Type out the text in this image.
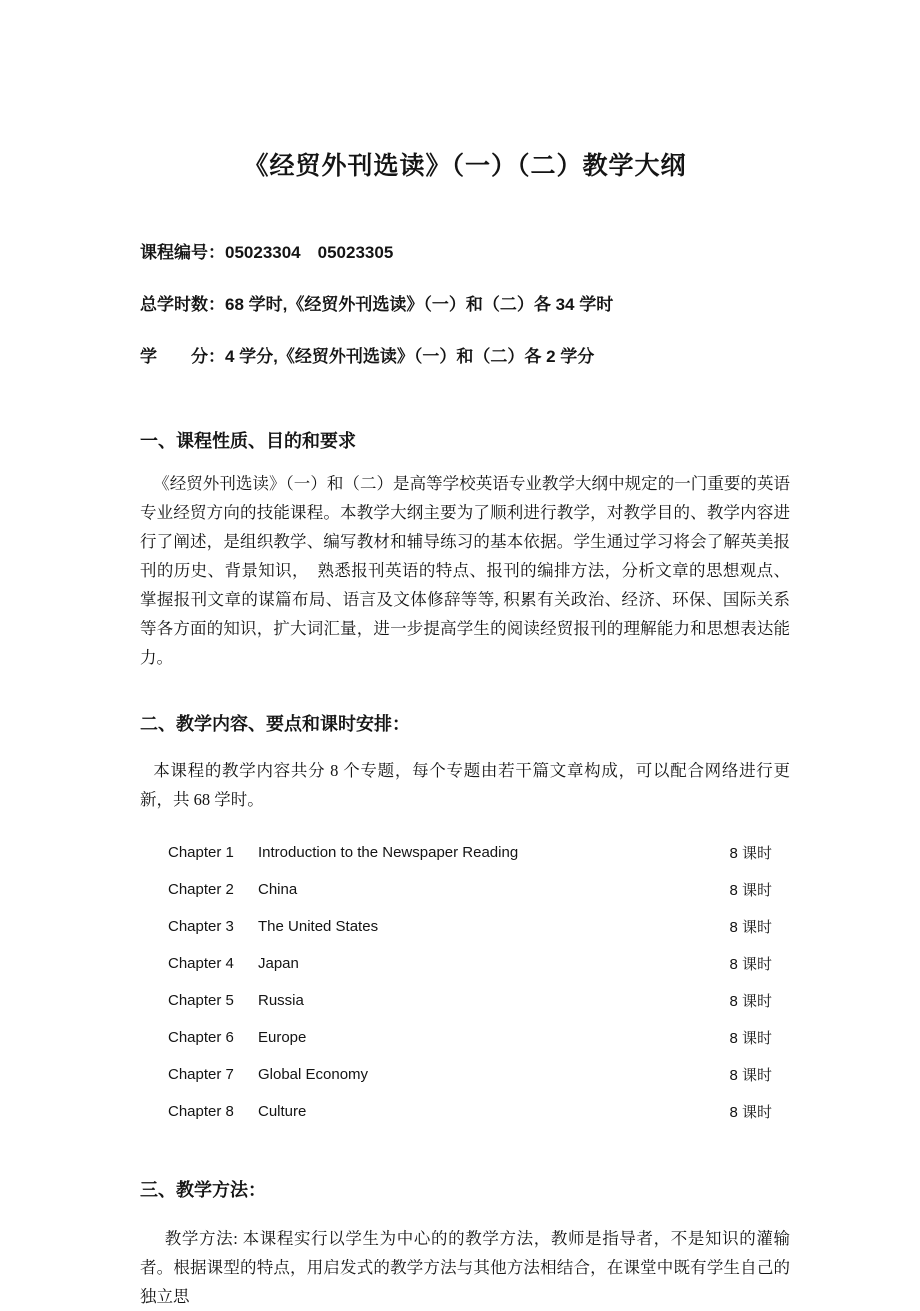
《经贸外刊选读》（一）（二）教学大纲

课程编号：05023304　05023305

总学时数：68 学时,《经贸外刊选读》（一）和（二）各 34 学时

学　　分：4 学分,《经贸外刊选读》（一）和（二）各 2 学分

一、课程性质、目的和要求

《经贸外刊选读》（一）和（二）是高等学校英语专业教学大纲中规定的一门重要的英语专业经贸方向的技能课程。本教学大纲主要为了顺利进行教学，对教学目的、教学内容进行了阐述，是组织教学、编写教材和辅导练习的基本依据。学生通过学习将会了解英美报刊的历史、背景知识，　熟悉报刊英语的特点、报刊的编排方法，分析文章的思想观点、掌握报刊文章的谋篇布局、语言及文体修辞等等, 积累有关政治、经济、环保、国际关系等各方面的知识，扩大词汇量，进一步提高学生的阅读经贸报刊的理解能力和思想表达能力。

二、教学内容、要点和课时安排：

本课程的教学内容共分 8 个专题，每个专题由若干篇文章构成，可以配合网络进行更新，共 68 学时。

Chapter 1	Introduction to the Newspaper Reading	8 课时
Chapter 2	China	8 课时
Chapter 3	The United States	8 课时
Chapter 4	Japan	8 课时
Chapter 5	Russia	8 课时
Chapter 6	Europe	8 课时
Chapter 7	Global Economy	8 课时
Chapter 8	Culture	8 课时
三、教学方法：

教学方法: 本课程实行以学生为中心的的教学方法，教师是指导者，不是知识的灌输者。根据课型的特点，用启发式的教学方法与其他方法相结合，在课堂中既有学生自己的独立思
